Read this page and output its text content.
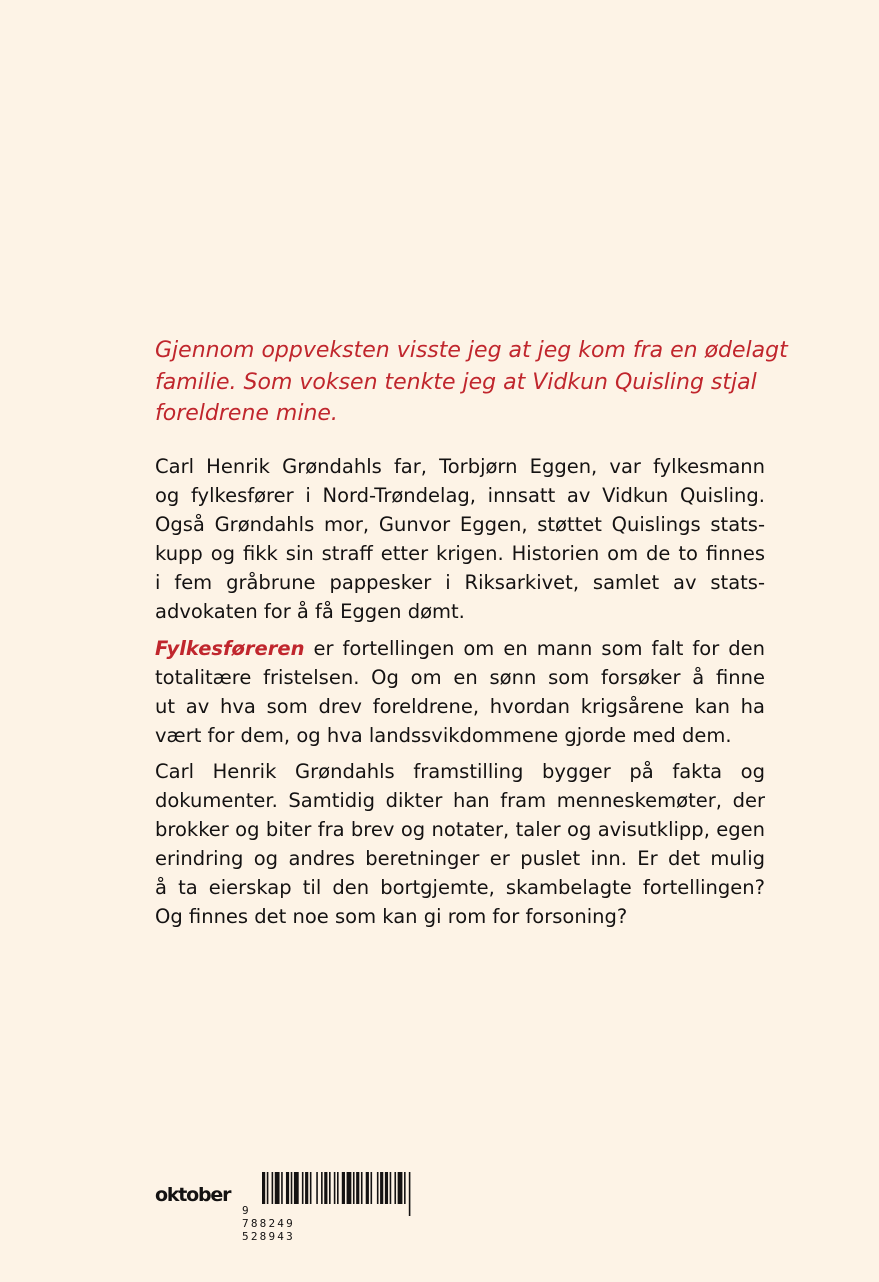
Gjennom oppveksten visste jeg at jeg kom fra en ødelagt
familie. Som voksen tenkte jeg at Vidkun Quisling stjal
foreldrene mine.

Carl Henrik Grøndahls far, Torbjørn Eggen, var fylkesmann
og fylkesfører i Nord-Trøndelag, innsatt av Vidkun Quisling.
Også Grøndahls mor, Gunvor Eggen, støttet Quislings stats-
kupp og fikk sin straff etter krigen. Historien om de to finnes
i fem gråbrune pappesker i Riksarkivet, samlet av stats-
advokaten for å få Eggen dømt.

Fylkesføreren er fortellingen om en mann som falt for den
totalitære fristelsen. Og om en sønn som forsøker å finne
ut av hva som drev foreldrene, hvordan krigsårene kan ha
vært for dem, og hva landssvikdommene gjorde med dem.

Carl Henrik Grøndahls framstilling bygger på fakta og
dokumenter. Samtidig dikter han fram menneskemøter, der
brokker og biter fra brev og notater, taler og avisutklipp, egen
erindring og andres beretninger er puslet inn. Er det mulig
å ta eierskap til den bortgjemte, skambelagte fortellingen?
Og finnes det noe som kan gi rom for forsoning?

oktober
9 788249 528943
